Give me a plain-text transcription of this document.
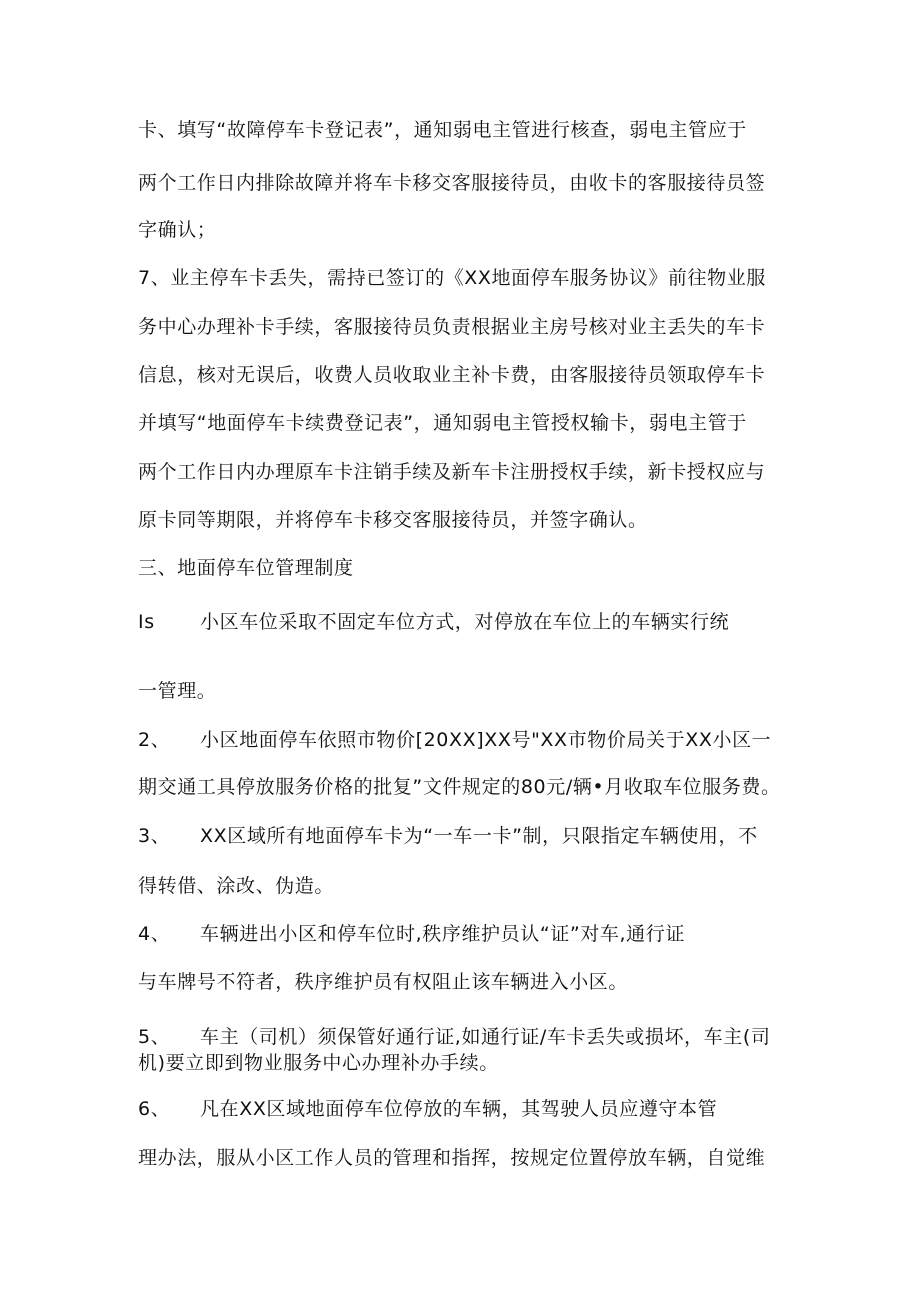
卡、填写“故障停车卡登记表”，通知弱电主管进行核查，弱电主管应于
两个工作日内排除故障并将车卡移交客服接待员，由收卡的客服接待员签
字确认；
7、业主停车卡丢失，需持已签订的《XX地面停车服务协议》前往物业服
务中心办理补卡手续，客服接待员负责根据业主房号核对业主丢失的车卡
信息，核对无误后，收费人员收取业主补卡费，由客服接待员领取停车卡
并填写“地面停车卡续费登记表”，通知弱电主管授权输卡，弱电主管于
两个工作日内办理原车卡注销手续及新车卡注册授权手续，新卡授权应与
原卡同等期限，并将停车卡移交客服接待员，并签字确认。
三、地面停车位管理制度
Is 小区车位采取不固定车位方式，对停放在车位上的车辆实行统
一管理。
2、 小区地面停车依照市物价[20XX]XX号"XX市物价局关于XX小区一
期交通工具停放服务价格的批复”文件规定的80元/辆•月收取车位服务费。
3、 XX区域所有地面停车卡为“一车一卡”制，只限指定车辆使用，不
得转借、涂改、伪造。
4、 车辆进出小区和停车位时,秩序维护员认“证”对车,通行证
与车牌号不符者，秩序维护员有权阻止该车辆进入小区。
5、 车主（司机）须保管好通行证,如通行证/车卡丢失或损坏，车主(司
机)要立即到物业服务中心办理补办手续。
6、 凡在XX区域地面停车位停放的车辆，其驾驶人员应遵守本管
理办法，服从小区工作人员的管理和指挥，按规定位置停放车辆，自觉维
